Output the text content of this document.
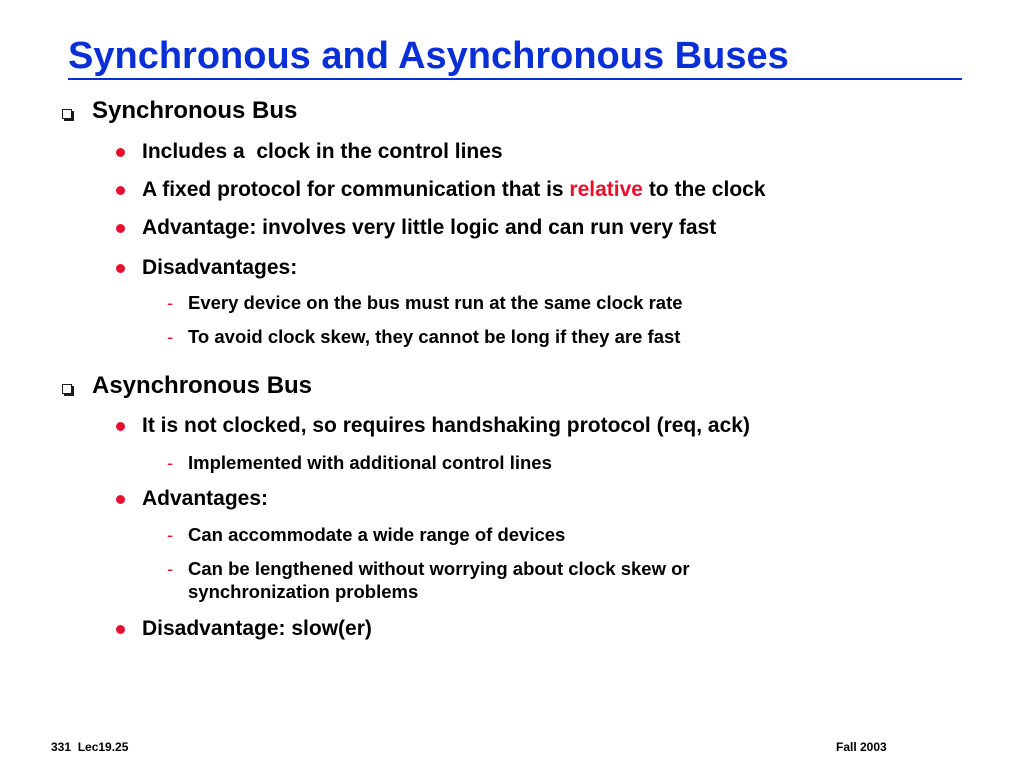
Synchronous and Asynchronous Buses
Synchronous Bus
Includes a  clock in the control lines
A fixed protocol for communication that is relative to the clock
Advantage: involves very little logic and can run very fast
Disadvantages:
- Every device on the bus must run at the same clock rate
- To avoid clock skew, they cannot be long if they are fast
Asynchronous Bus
It is not clocked, so requires handshaking protocol (req, ack)
- Implemented with additional control lines
Advantages:
- Can accommodate a wide range of devices
- Can be lengthened without worrying about clock skew or
synchronization problems
Disadvantage: slow(er)
331  Lec19.25	Fall 2003
